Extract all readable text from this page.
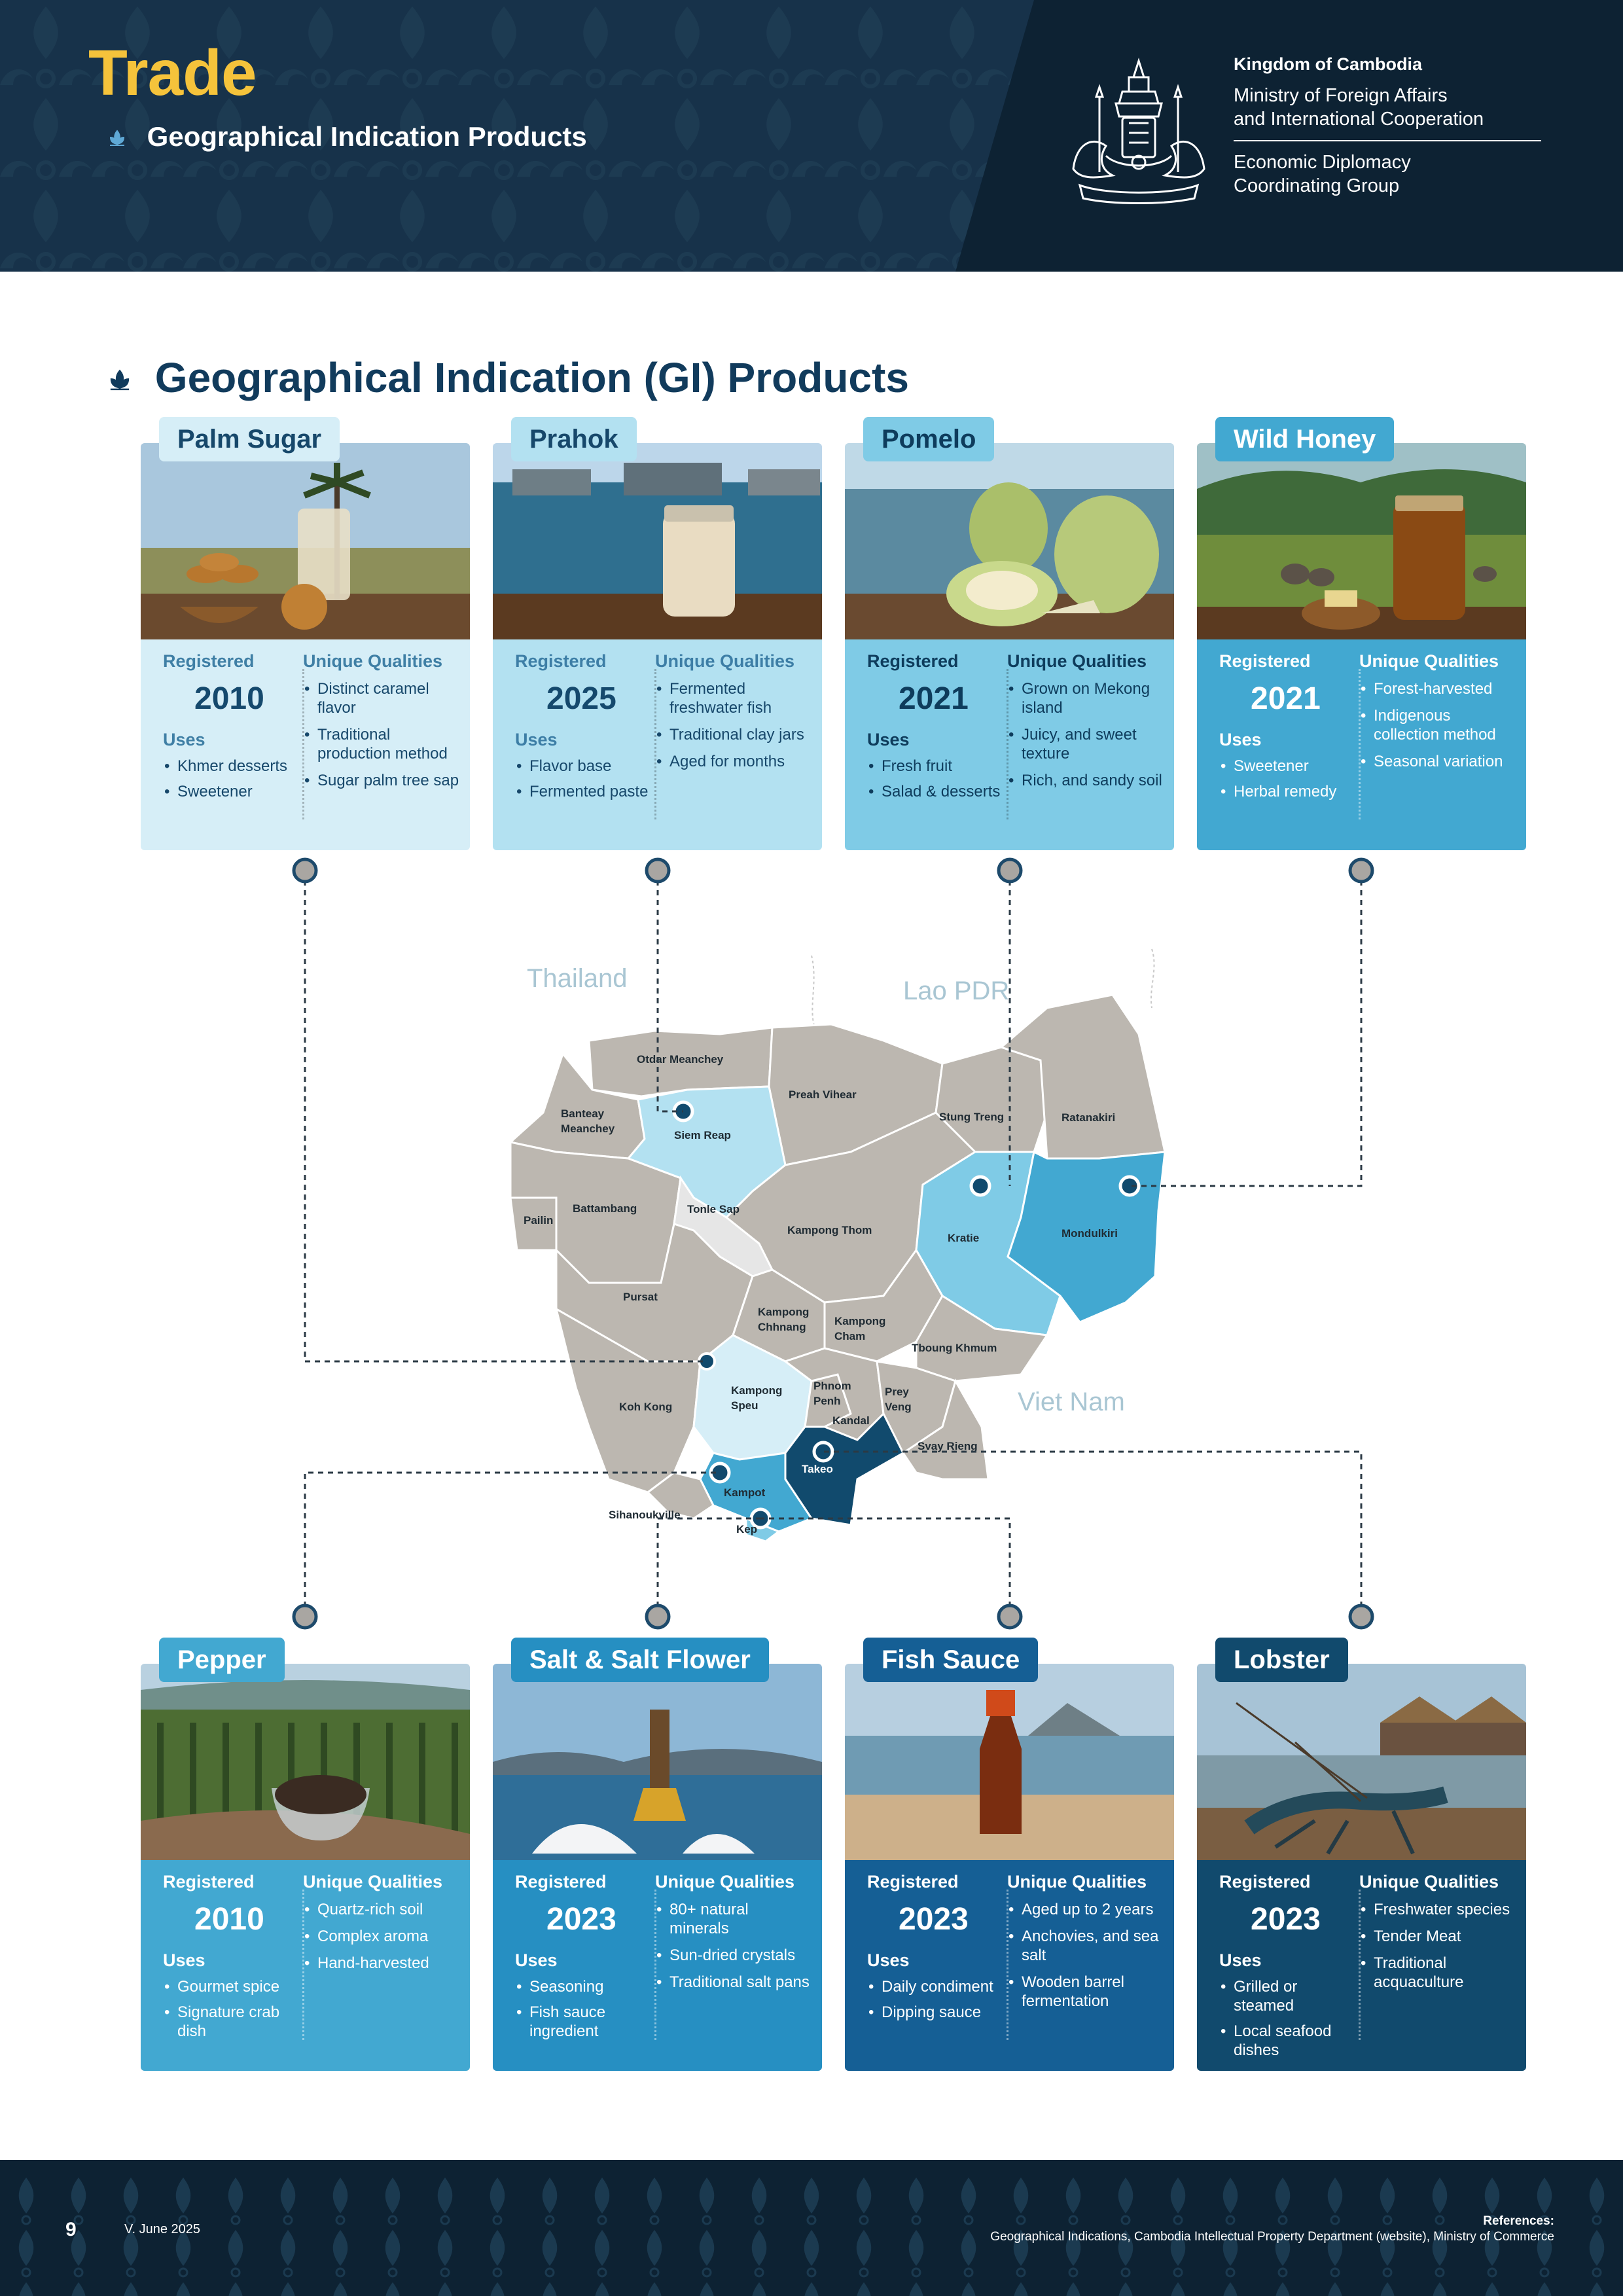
Trade
Geographical Indication Products
Kingdom of Cambodia
Ministry of Foreign Affairs
and International Cooperation
Economic Diplomacy
Coordinating Group
Geographical Indication (GI) Products
Thailand	Lao PDR
Viet Nam
Otdar Meanchey
Preah Vihear
Stung Treng	Ratanakiri
Banteay
Meanchey
Siem Reap
Pailin
Battambang	Tonle Sap
Kampong Thom
Kratie	Mondulkiri
Pursat
Kampong
Chhnang	Kampong
Cham
Tboung Khmum
Koh Kong
Kampong
Speu
Phnom
Penh
Prey
Veng
Kandal
Svay Rieng
Takeo
Kampot
Sihanoukville
Kep
Palm Sugar
Registered
2010
Uses
• Khmer desserts
• Sweetener
Unique Qualities
• Distinct caramel flavor
• Traditional production method
• Sugar palm tree sap
Prahok
Registered
2025
Uses
• Flavor base
• Fermented paste
Unique Qualities
• Fermented freshwater fish
• Traditional clay jars
• Aged for months
Pomelo
Registered
2021
Uses
• Fresh fruit
• Salad & desserts
Unique Qualities
• Grown on Mekong island
• Juicy, and sweet texture
• Rich, and sandy soil
Wild Honey
Registered
2021
Uses
• Sweetener
• Herbal remedy
Unique Qualities
• Forest-harvested
• Indigenous collection method
• Seasonal variation
Pepper
Registered
2010
Uses
• Gourmet spice
• Signature crab dish
Unique Qualities
• Quartz-rich soil
• Complex aroma
• Hand-harvested
Salt & Salt Flower
Registered
2023
Uses
• Seasoning
• Fish sauce ingredient
Unique Qualities
• 80+ natural minerals
• Sun-dried crystals
• Traditional salt pans
Fish Sauce
Registered
2023
Uses
• Daily condiment
• Dipping sauce
Unique Qualities
• Aged up to 2 years
• Anchovies, and sea salt
• Wooden barrel fermentation
Lobster
Registered
2023
Uses
• Grilled or steamed
• Local seafood dishes
Unique Qualities
• Freshwater species
• Tender Meat
• Traditional acquaculture
9	V. June 2025
References:
Geographical Indications, Cambodia Intellectual Property Department (website), Ministry of Commerce
